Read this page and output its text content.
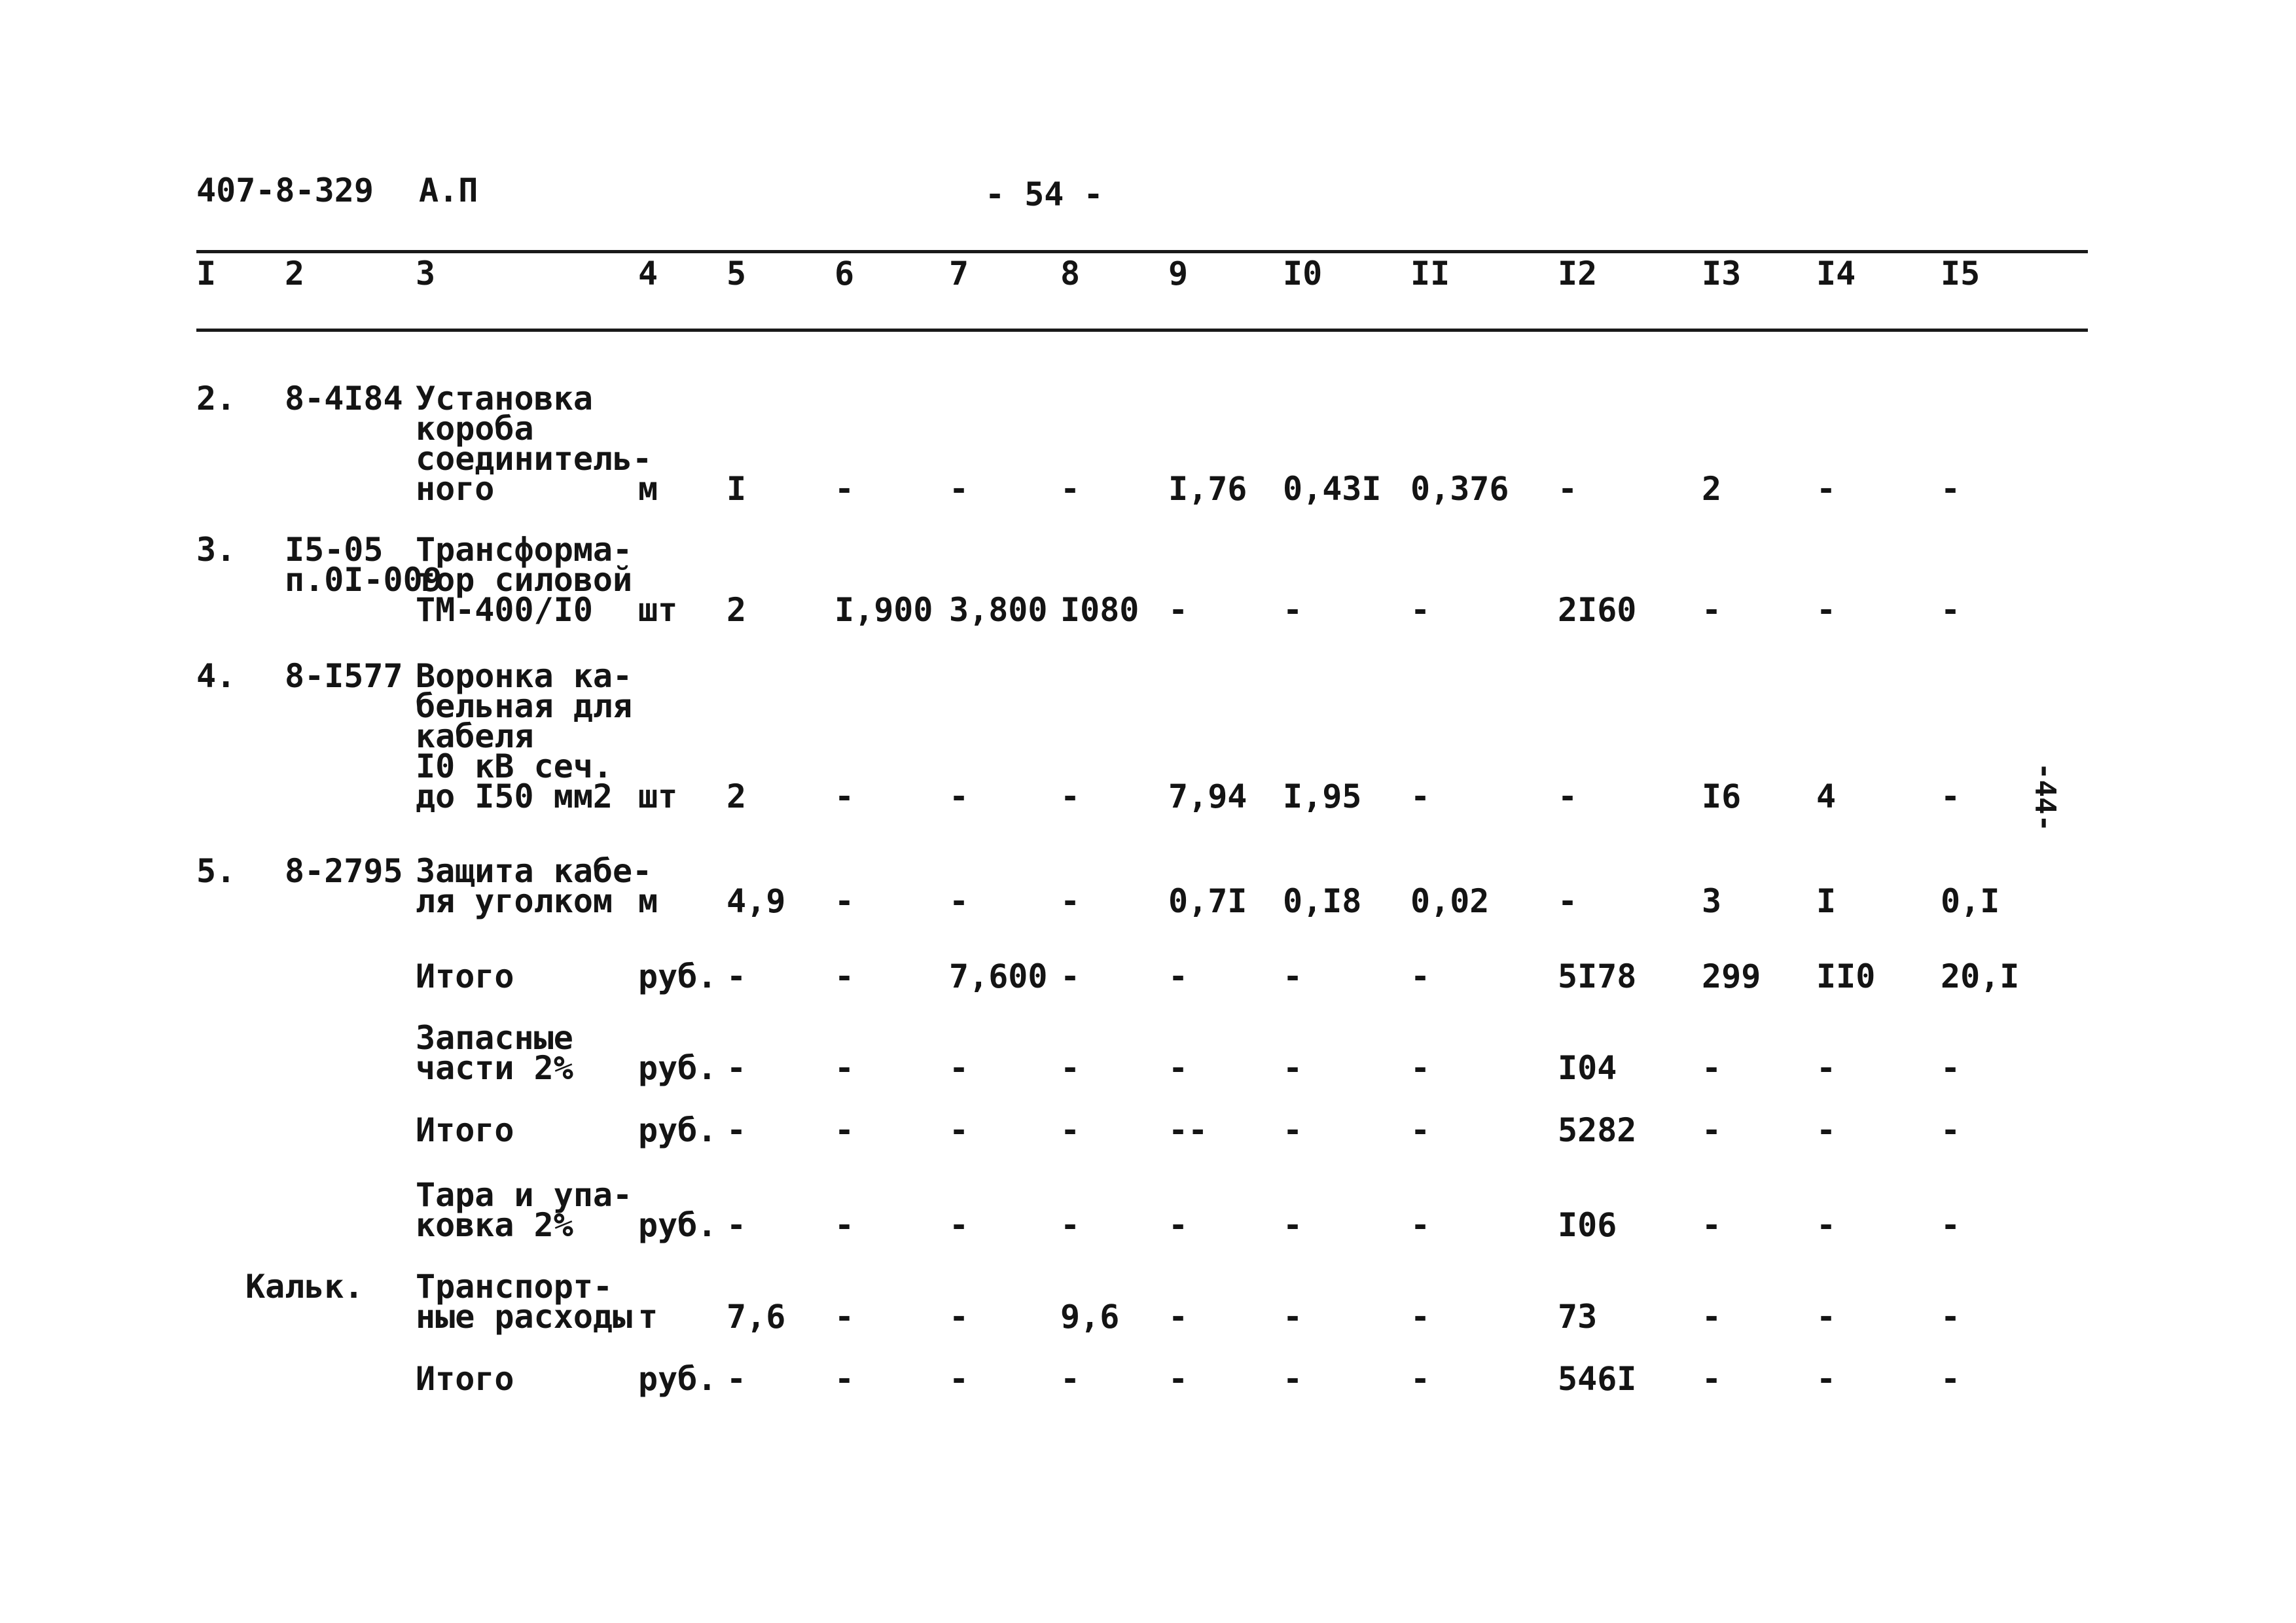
407-8-329 А.П	- 54 -
I 2	3	4 5	6	7	8	9	I0	II	I2	I3 I4	I5
2. 8-4I84 Установка
короба
соединитель-
ного	м I	-	-	-	I,76 0,43I 0,376 -	2	-	-
3. I5-05
п.0I-009
Трансформа-
тор силовой
ТМ-400/I0	шт 2	I,900 3,800 I080 -	-	-	2I60 -	-	-
4. 8-I577 Воронка ка-
бельная для
кабеля
I0 кВ сеч.
до I50 мм2 шт 2	-	-	-	7,94 I,95 -	-	I6 4	-
5. 8-2795 Защита кабе-
ля уголком м 4,9 -	-	-	0,7I 0,I8 0,02 -	3	I	0,I
Итого	руб. -	-	7,600 -	-	-	-	5I78 299 II0 20,I
Запасные
части 2% руб. -	-	-	-	-	-	-	I04	-	-	-
Итого	руб. -	-	-	-	-- -	-	5282 -	-	-
Тара и упа-
ковка 2%	руб. -	-	-	-	-	-	-	I06	-	-	-
Кальк. Транспорт-
ные расходы т 7,6 -	-	9,6 -	-	-	73	-	-	-
Итого	руб. -	-	-	-	-	-	-	546I -	-	-
-44-
